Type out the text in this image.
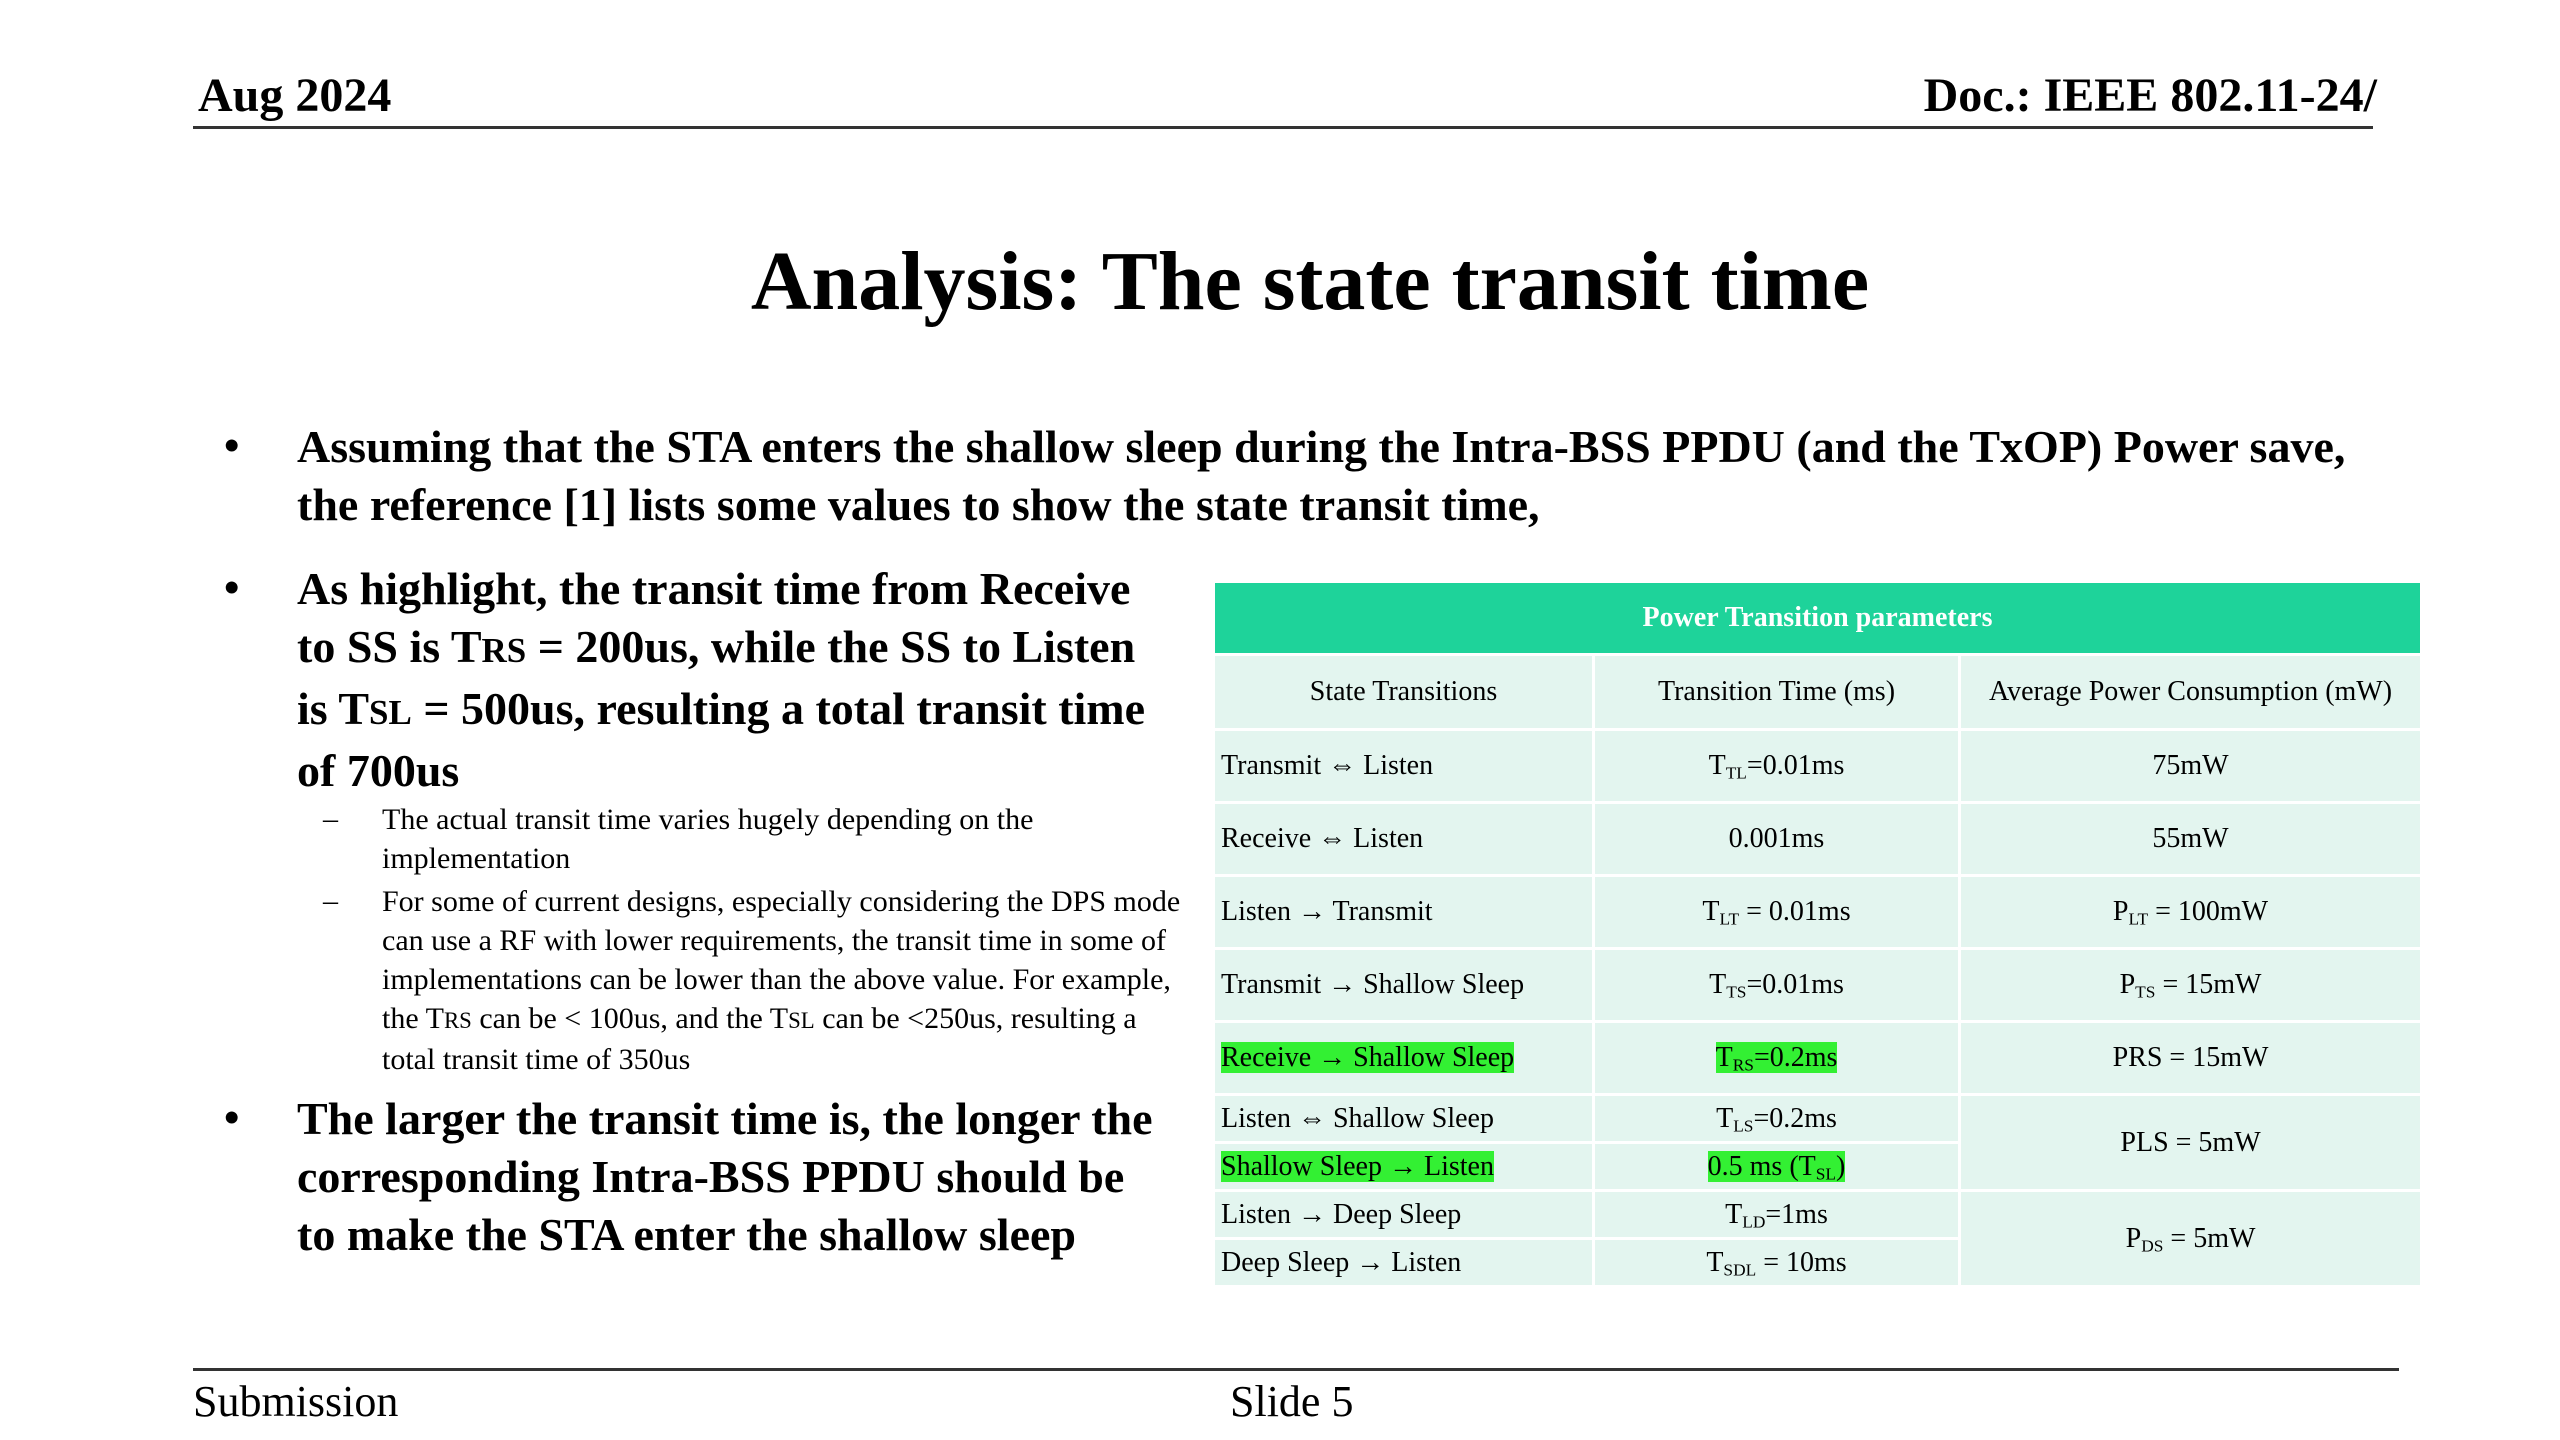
Aug 2024	Doc.: IEEE 802.11-24/
Analysis: The state transit time
• Assuming that the STA enters the shallow sleep during the Intra-BSS PPDU (and the TxOP) Power save, the reference [1] lists some values to show the state transit time,
• As highlight, the transit time from Receive to SS is TRS = 200us, while the SS to Listen is TSL = 500us, resulting a total transit time of 700us
– The actual transit time varies hugely depending on the implementation
– For some of current designs, especially considering the DPS mode can use a RF with lower requirements, the transit time in some of implementations can be lower than the above value. For example, the TRS can be < 100us, and the TSL can be <250us, resulting a total transit time of 350us
• The larger the transit time is, the longer the corresponding Intra-BSS PPDU should be to make the STA enter the shallow sleep
Power Transition parameters		
State Transitions	Transition Time (ms)	Average Power Consumption (mW)
Transmit ⇔ Listen	$T_{TL}=0.01ms$	75mW
Receive ⇔ Listen	0.001ms	55mW
Listen → Transmit	$T_{LT} = 0.01ms$	$P_{LT} = 100mW$
Transmit → Shallow Sleep	$T_{TS}=0.01ms$	$P_{TS} = 15mW$
Receive → Shallow Sleep	$T_{RS}=0.2ms$	PRS = 15mW
Listen ⇔ Shallow Sleep	$T_{LS}=0.2ms$	PLS = 5mW
Shallow Sleep → Listen	0.5 ms $(T_{SL})$	
Listen → Deep Sleep	$T_{LD}=1ms$	$P_{DS} = 5mW$
Deep Sleep → Listen	$T_{SDL} = 10ms$	
Submission	Slide 5
